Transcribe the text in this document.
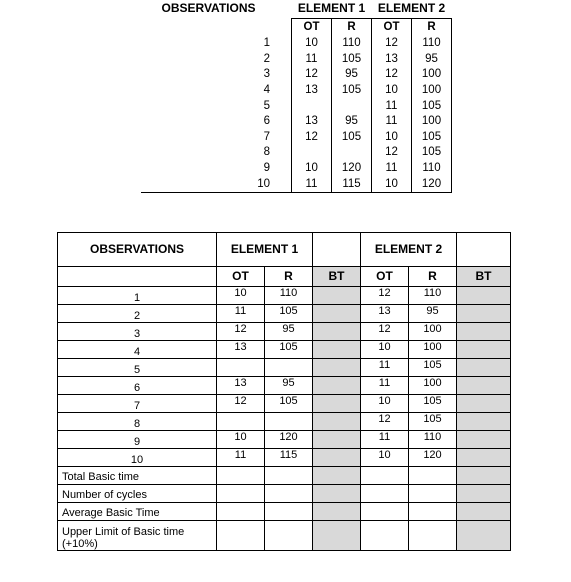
OBSERVATIONS		ELEMENT 1		ELEMENT 2	
		OT	R	OT	R
1		10	110	12	110
2		11	105	13	95
3		12	95	12	100
4		13	105	10	100
5				11	105
6		13	95	11	100
7		12	105	10	105
8				12	105
9		10	120	11	110
10		11	115	10	120
OBSERVATIONS	ELEMENT 1			ELEMENT 2		
	OT	R	BT	OT	R	BT
1	10	110		12	110	
2	11	105		13	95	
3	12	95		12	100	
4	13	105		10	100	
5				11	105	
6	13	95		11	100	
7	12	105		10	105	
8				12	105	
9	10	120		11	110	
10	11	115		10	120	
Total Basic time						
Number of cycles						
Average Basic Time						
Upper Limit of Basic time (+10%)						
